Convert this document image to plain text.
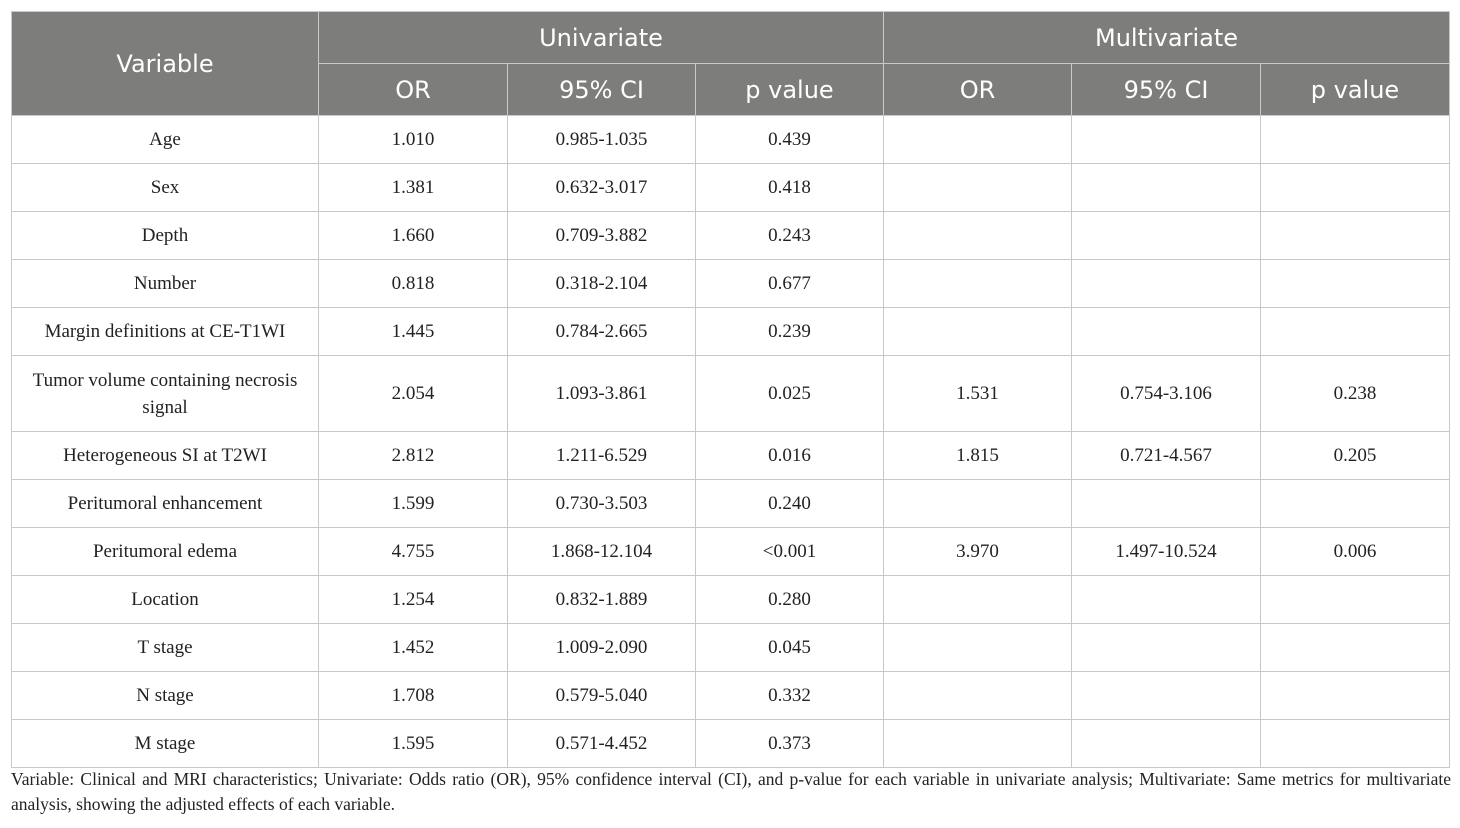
Variable	Univariate			Multivariate		
	OR	95% CI	p value	OR	95% CI	p value
Age	1.010	0.985-1.035	0.439			
Sex	1.381	0.632-3.017	0.418			
Depth	1.660	0.709-3.882	0.243			
Number	0.818	0.318-2.104	0.677			
Margin definitions at CE-T1WI	1.445	0.784-2.665	0.239			
Tumor volume containing necrosis signal	2.054	1.093-3.861	0.025	1.531	0.754-3.106	0.238
Heterogeneous SI at T2WI	2.812	1.211-6.529	0.016	1.815	0.721-4.567	0.205
Peritumoral enhancement	1.599	0.730-3.503	0.240			
Peritumoral edema	4.755	1.868-12.104	<0.001	3.970	1.497-10.524	0.006
Location	1.254	0.832-1.889	0.280			
T stage	1.452	1.009-2.090	0.045			
N stage	1.708	0.579-5.040	0.332			
M stage	1.595	0.571-4.452	0.373			
Variable: Clinical and MRI characteristics; Univariate: Odds ratio (OR), 95% confidence interval (CI), and p-value for each variable in univariate analysis; Multivariate: Same metrics for multivariate analysis, showing the adjusted effects of each variable.
